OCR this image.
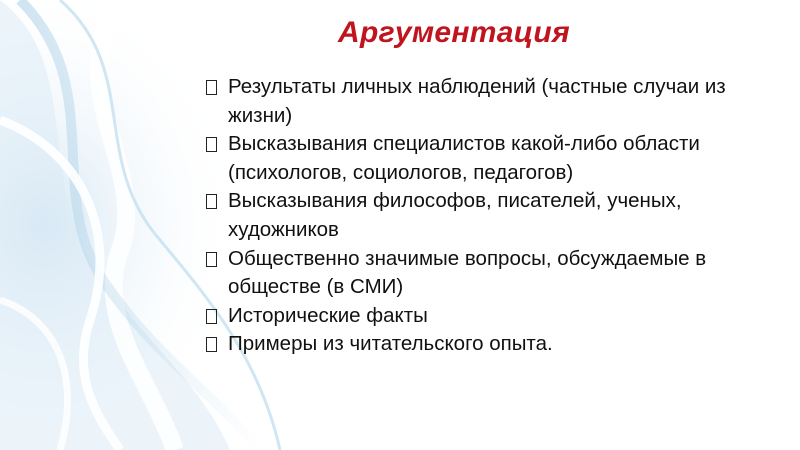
Аргументация
Результаты личных наблюдений (частные случаи из жизни)
Высказывания специалистов какой-либо области (психологов, социологов, педагогов)
Высказывания философов, писателей, ученых, художников
Общественно значимые вопросы, обсуждаемые в обществе (в СМИ)
Исторические факты
Примеры из читательского опыта.
